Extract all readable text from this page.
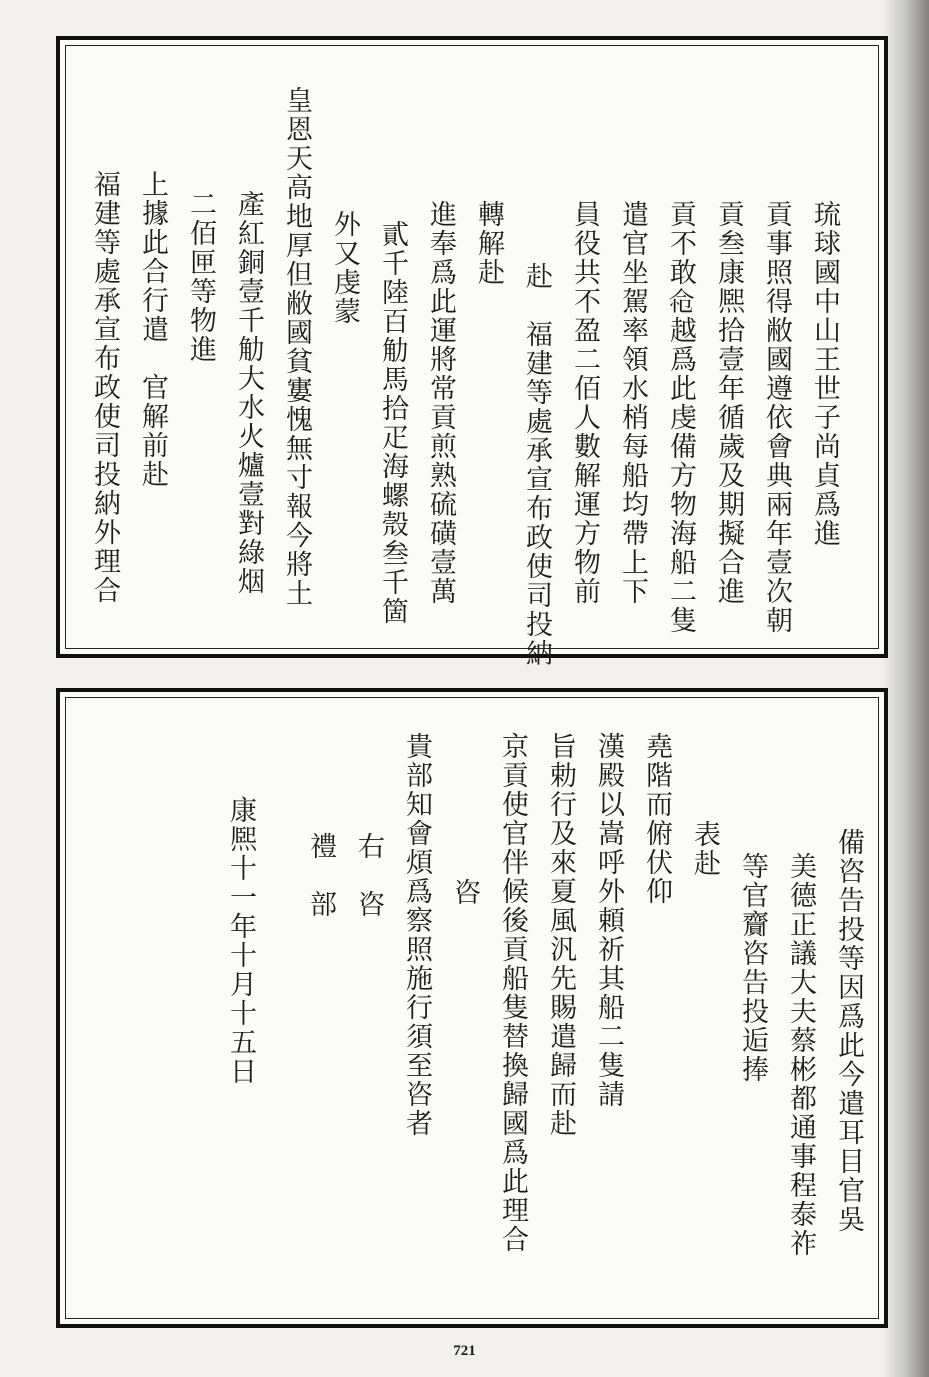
琉球國中山王世子尚貞爲進
貢事照得敝國遵依會典兩年壹次朝
貢叁康熈拾壹年循歲及期擬合進
貢不敢𢘔越爲此虔備方物海船二隻
遣官坐駕率領水梢每船均帶上下
員役共不盈二佰人數解運方物前
赴　福建等處承宣布政使司投納
轉解赴
進奉爲此運將常貢煎熟硫磺壹萬
貳千陸百觔馬拾疋海螺殼叁千箇
外又虔蒙
皇恩天高地厚但敝國貧寠愧無寸報今將土
產紅銅壹千觔大水火爐壹對綠烟
二佰匣等物進
上據此合行遣　官解前赴
福建等處承宣布政使司投納外理合
備咨告投等因爲此今遣耳目官吳
美德正議大夫蔡彬都通事程泰祚
等官齎咨告投逅捧
表赴
堯階而俯伏仰
漢殿以嵩呼外頼祈其船二隻請
旨勅行及來夏風汎先賜遣歸而赴
京貢使官伴候後貢船隻替換歸國爲此理合
咨
貴部知會煩爲察照施行須至咨者
右　咨
禮　部
康熈十一年十月十五日
721
